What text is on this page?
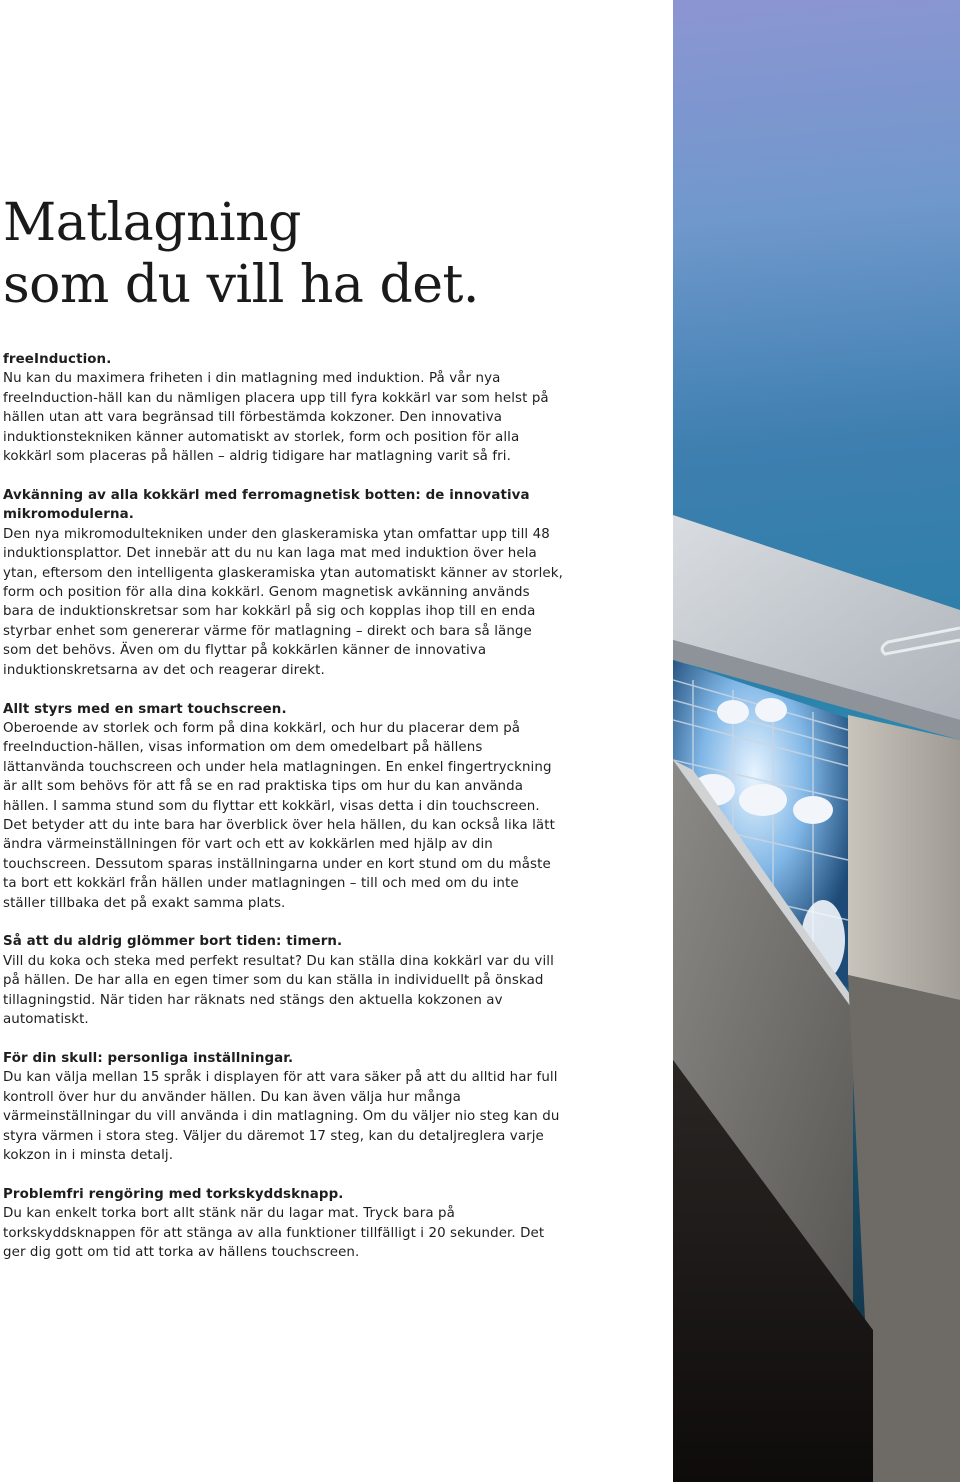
Matlagning
som du vill ha det.
freeInduction.
Nu kan du maximera friheten i din matlagning med induktion. På vår nya freeInduction-häll kan du nämligen placera upp till fyra kokkärl var som helst på hällen utan att vara begränsad till förbestämda kokzoner. Den innovativa induktionstekniken känner automatiskt av storlek, form och position för alla kokkärl som placeras på hällen – aldrig tidigare har matlagning varit så fri.
Avkänning av alla kokkärl med ferromagnetisk botten: de innovativa mikromodulerna.
Den nya mikromodultekniken under den glaskeramiska ytan omfattar upp till 48 induktionsplattor. Det innebär att du nu kan laga mat med induktion över hela ytan, eftersom den intelligenta glaskeramiska ytan automatiskt känner av storlek, form och position för alla dina kokkärl. Genom magnetisk avkänning används bara de induktionskretsar som har kokkärl på sig och kopplas ihop till en enda styrbar enhet som genererar värme för matlagning – direkt och bara så länge som det behövs. Även om du flyttar på kokkärlen känner de innovativa induktionskretsarna av det och reagerar direkt.
Allt styrs med en smart touchscreen.
Oberoende av storlek och form på dina kokkärl, och hur du placerar dem på freeInduction-hällen, visas information om dem omedelbart på hällens lättanvända touchscreen och under hela matlagningen. En enkel fingertryckning är allt som behövs för att få se en rad praktiska tips om hur du kan använda hällen. I samma stund som du flyttar ett kokkärl, visas detta i din touchscreen. Det betyder att du inte bara har överblick över hela hällen, du kan också lika lätt ändra värmeinställningen för vart och ett av kokkärlen med hjälp av din touchscreen. Dessutom sparas inställningarna under en kort stund om du måste ta bort ett kokkärl från hällen under matlagningen – till och med om du inte ställer tillbaka det på exakt samma plats.
Så att du aldrig glömmer bort tiden: timern.
Vill du koka och steka med perfekt resultat? Du kan ställa dina kokkärl var du vill på hällen. De har alla en egen timer som du kan ställa in individuellt på önskad tillagningstid. När tiden har räknats ned stängs den aktuella kokzonen av automatiskt.
För din skull: personliga inställningar.
Du kan välja mellan 15 språk i displayen för att vara säker på att du alltid har full kontroll över hur du använder hällen. Du kan även välja hur många värmeinställningar du vill använda i din matlagning. Om du väljer nio steg kan du styra värmen i stora steg. Väljer du däremot 17 steg, kan du detaljreglera varje kokzon in i minsta detalj.
Problemfri rengöring med torkskyddsknapp.
Du kan enkelt torka bort allt stänk när du lagar mat. Tryck bara på torkskyddsknappen för att stänga av alla funktioner tillfälligt i 20 sekunder. Det ger dig gott om tid att torka av hällens touchscreen.
